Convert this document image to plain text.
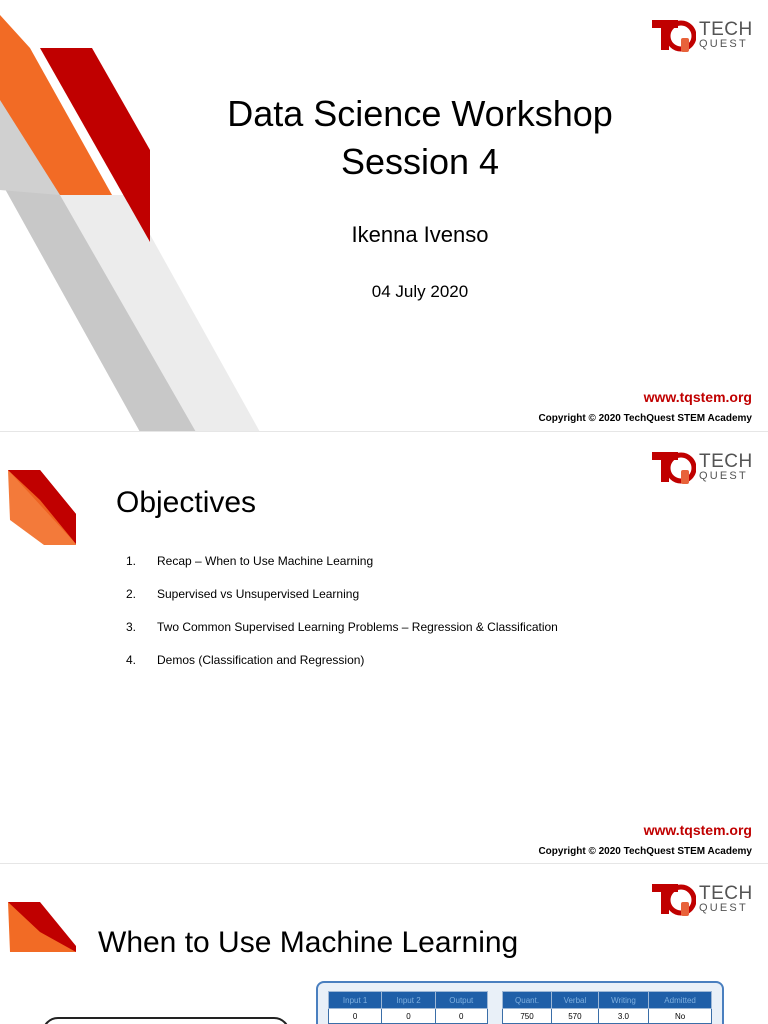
TECH
QUEST
Data Science Workshop
Session 4
Ikenna Ivenso
04 July 2020
www.tqstem.org
Copyright © 2020 TechQuest STEM Academy
TECH
QUEST
Objectives
1.	Recap – When to Use Machine Learning
2.	Supervised vs Unsupervised Learning
3.	Two Common Supervised Learning Problems – Regression & Classification
4.	Demos (Classification and Regression)
www.tqstem.org
Copyright © 2020 TechQuest STEM Academy
TECH
QUEST
When to Use Machine Learning
Input 1	Input 2	Output
0	0	0
Quant.	Verbal	Writing	Admitted
750	570	3.0	No
